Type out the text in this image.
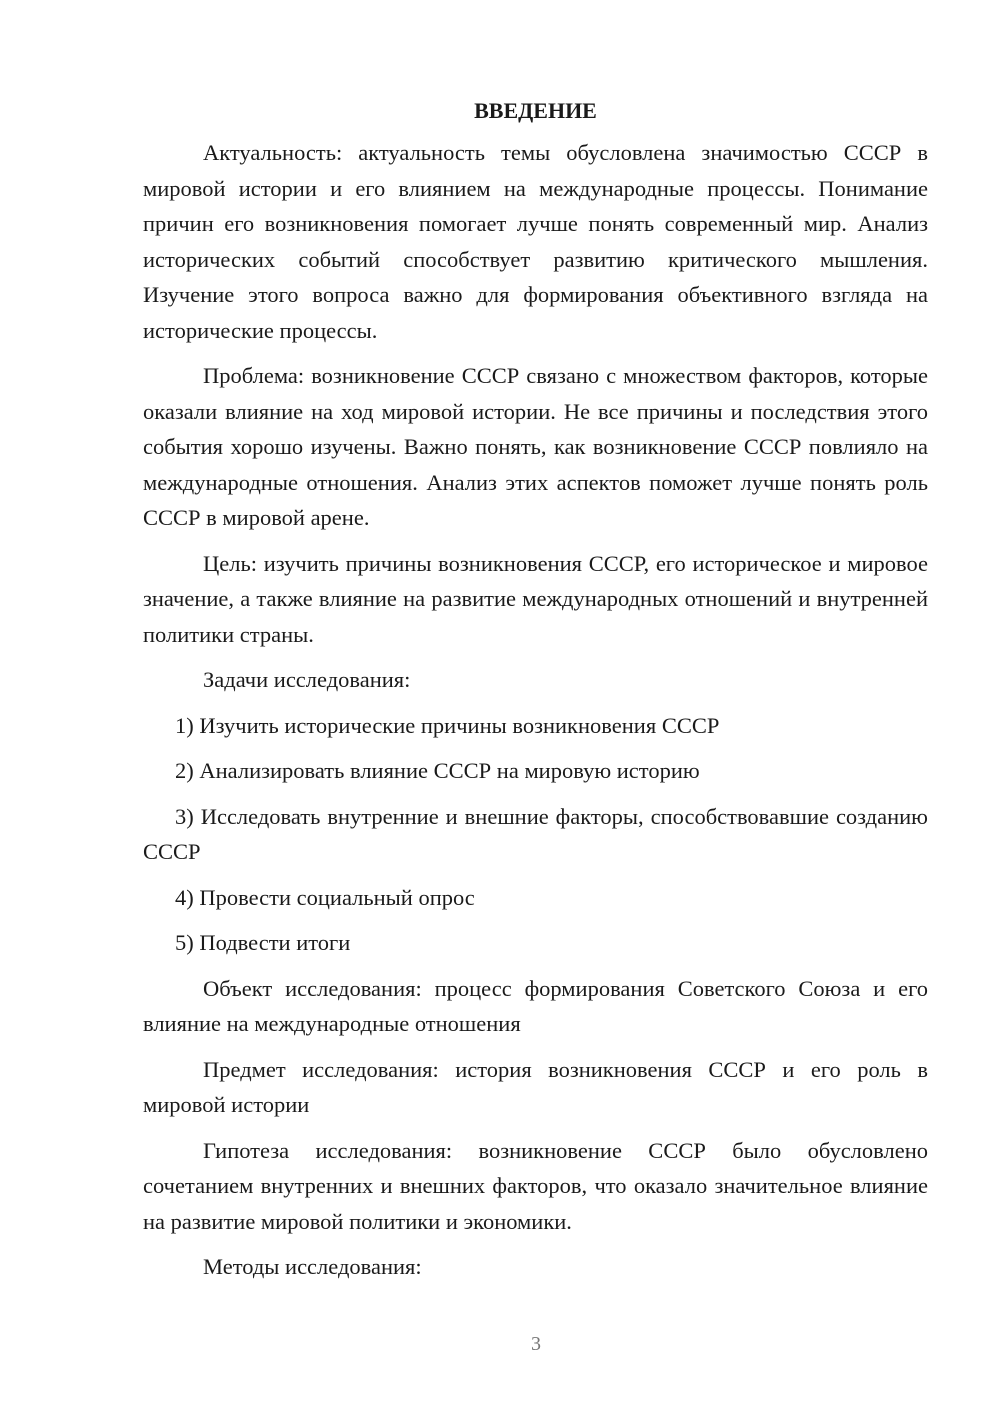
ВВЕДЕНИЕ

Актуальность: актуальность темы обусловлена значимостью СССР в мировой истории и его влиянием на международные процессы. Понимание причин его возникновения помогает лучше понять современный мир. Анализ исторических событий способствует развитию критического мышления. Изучение этого вопроса важно для формирования объективного взгляда на исторические процессы.

Проблема: возникновение СССР связано с множеством факторов, которые оказали влияние на ход мировой истории. Не все причины и последствия этого события хорошо изучены. Важно понять, как возникновение СССР повлияло на международные отношения. Анализ этих аспектов поможет лучше понять роль СССР в мировой арене.

Цель: изучить причины возникновения СССР, его историческое и мировое значение, а также влияние на развитие международных отношений и внутренней политики страны.

Задачи исследования:

1) Изучить исторические причины возникновения СССР

2) Анализировать влияние СССР на мировую историю

3) Исследовать внутренние и внешние факторы, способствовавшие созданию СССР

4) Провести социальный опрос

5) Подвести итоги

Объект исследования: процесс формирования Советского Союза и его влияние на международные отношения

Предмет исследования: история возникновения СССР и его роль в мировой истории

Гипотеза исследования: возникновение СССР было обусловлено сочетанием внутренних и внешних факторов, что оказало значительное влияние на развитие мировой политики и экономики.

Методы исследования:

3
